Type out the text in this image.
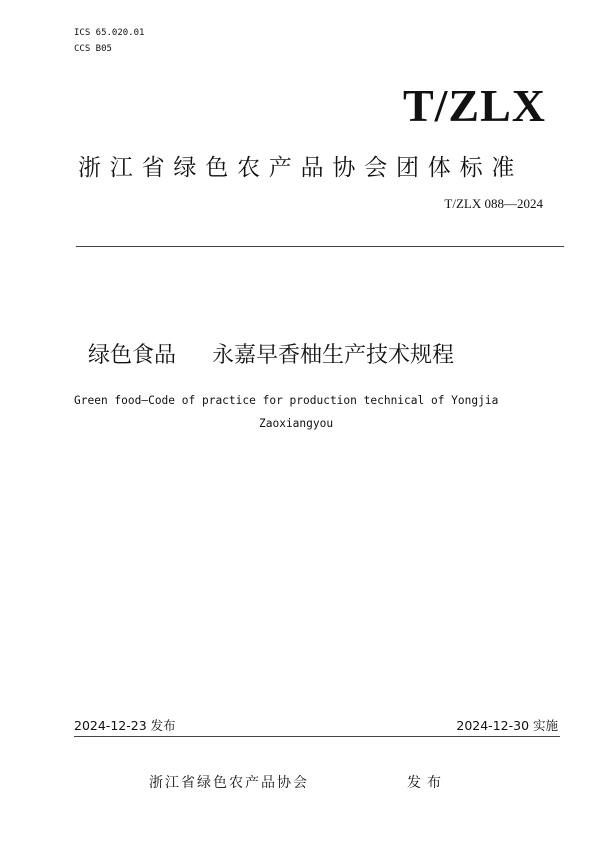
ICS 65.020.01
CCS B05
T/ZLX
浙江省绿色农产品协会团体标准
T/ZLX 088—2024
绿色食品 永嘉早香柚生产技术规程
Green food—Code of practice for production technical of Yongjia
Zaoxiangyou
2024-12-23 发布	2024-12-30 实施
浙江省绿色农产品协会	发布
